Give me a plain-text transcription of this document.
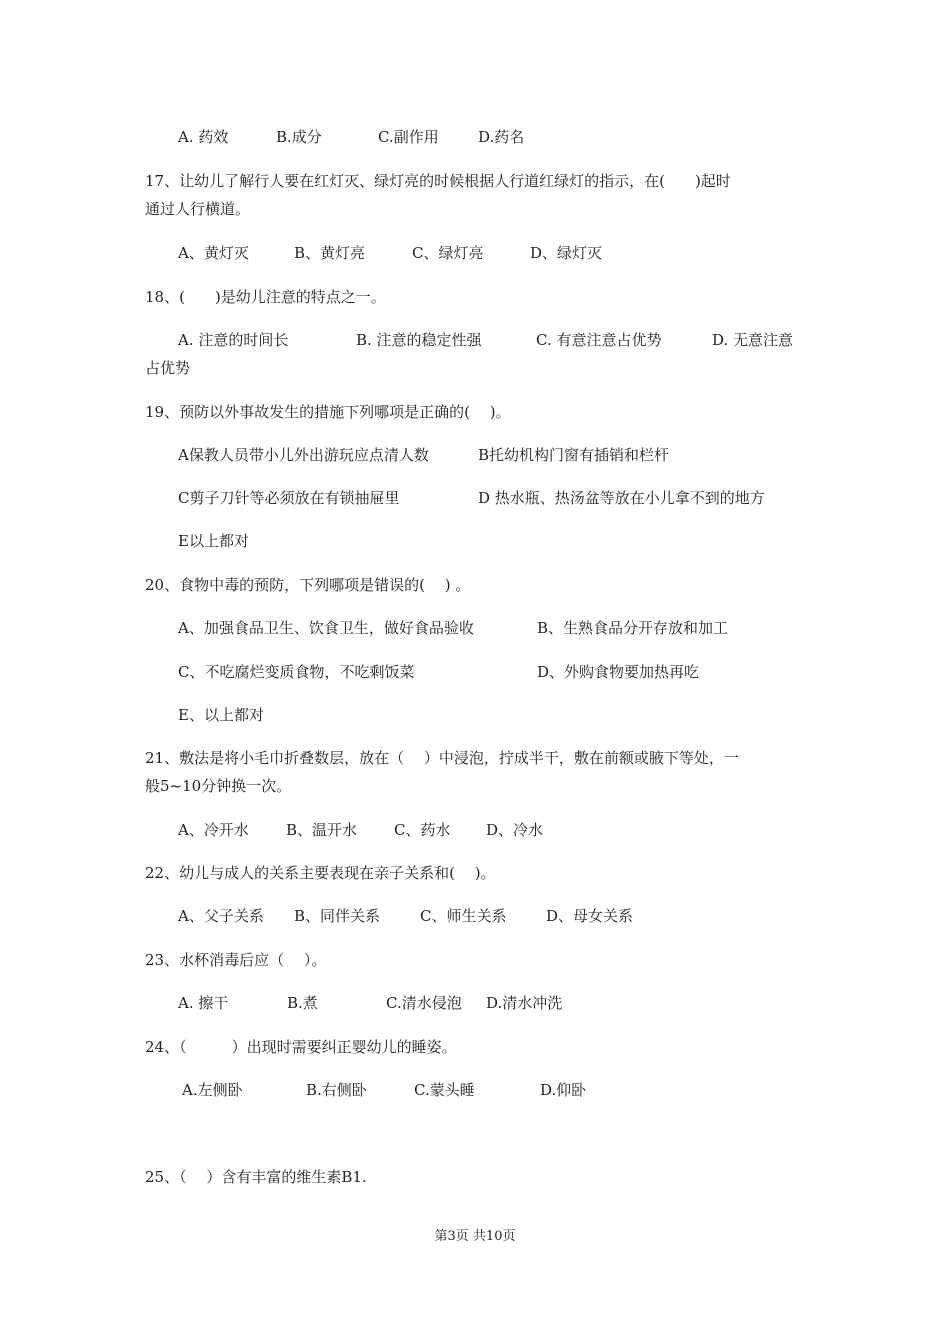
A. 药效	B.成分	C.副作用	D.药名
17、让幼儿了解行人要在红灯灭、绿灯亮的时候根据人行道红绿灯的指示，在(　　)起时
通过人行横道。
A、黄灯灭	B、黄灯亮	C、绿灯亮	D、绿灯灭
18、(　　)是幼儿注意的特点之一。
A. 注意的时间长	B. 注意的稳定性强	C. 有意注意占优势	D. 无意注意
占优势
19、预防以外事故发生的措施下列哪项是正确的(　 )。
A保教人员带小儿外出游玩应点清人数	B托幼机构门窗有插销和栏杆
C剪子刀针等必须放在有锁抽屉里	D 热水瓶、热汤盆等放在小儿拿不到的地方
E以上都对
20、食物中毒的预防，下列哪项是错误的(　 ) 。
A、加强食品卫生、饮食卫生，做好食品验收	B、生熟食品分开存放和加工
C、不吃腐烂变质食物，不吃剩饭菜	D、外购食物要加热再吃
E、以上都对
21、敷法是将小毛巾折叠数层，放在（　 ）中浸泡，拧成半干，敷在前额或腋下等处，一
般5~10分钟换一次。
A、冷开水 B、温开水 C、药水 D、冷水
22、幼儿与成人的关系主要表现在亲子关系和(　 )。
A、父子关系 B、同伴关系	C、师生关系	D、母女关系
23、水杯消毒后应（　 ）。
A. 擦干	B.煮	C.清水侵泡 D.清水冲洗
24、（　　　）出现时需要纠正婴幼儿的睡姿。
A.左侧卧	B.右侧卧	C.蒙头睡	D.仰卧
25、（　 ）含有丰富的维生素B1.
第3页 共10页
